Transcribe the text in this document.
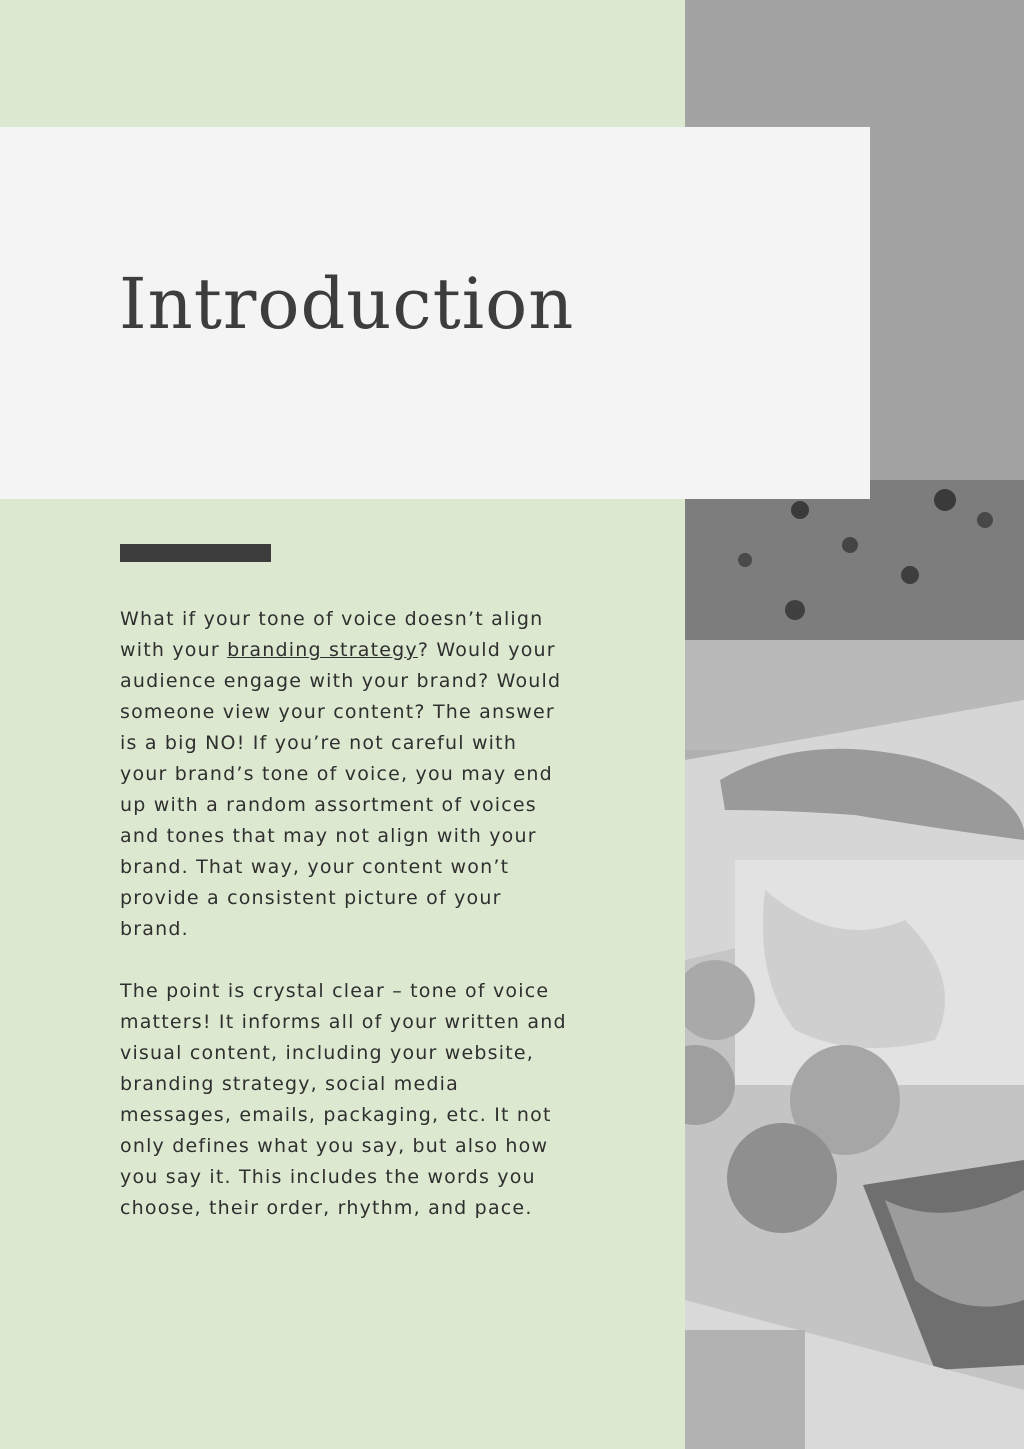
Introduction

What if your tone of voice doesn’t align with your branding strategy? Would your audience engage with your brand? Would someone view your content? The answer is a big NO! If you’re not careful with your brand’s tone of voice, you may end up with a random assortment of voices and tones that may not align with your brand. That way, your content won’t provide a consistent picture of your brand.

The point is crystal clear – tone of voice matters! It informs all of your written and visual content, including your website, branding strategy, social media messages, emails, packaging, etc. It not only defines what you say, but also how you say it. This includes the words you choose, their order, rhythm, and pace.
